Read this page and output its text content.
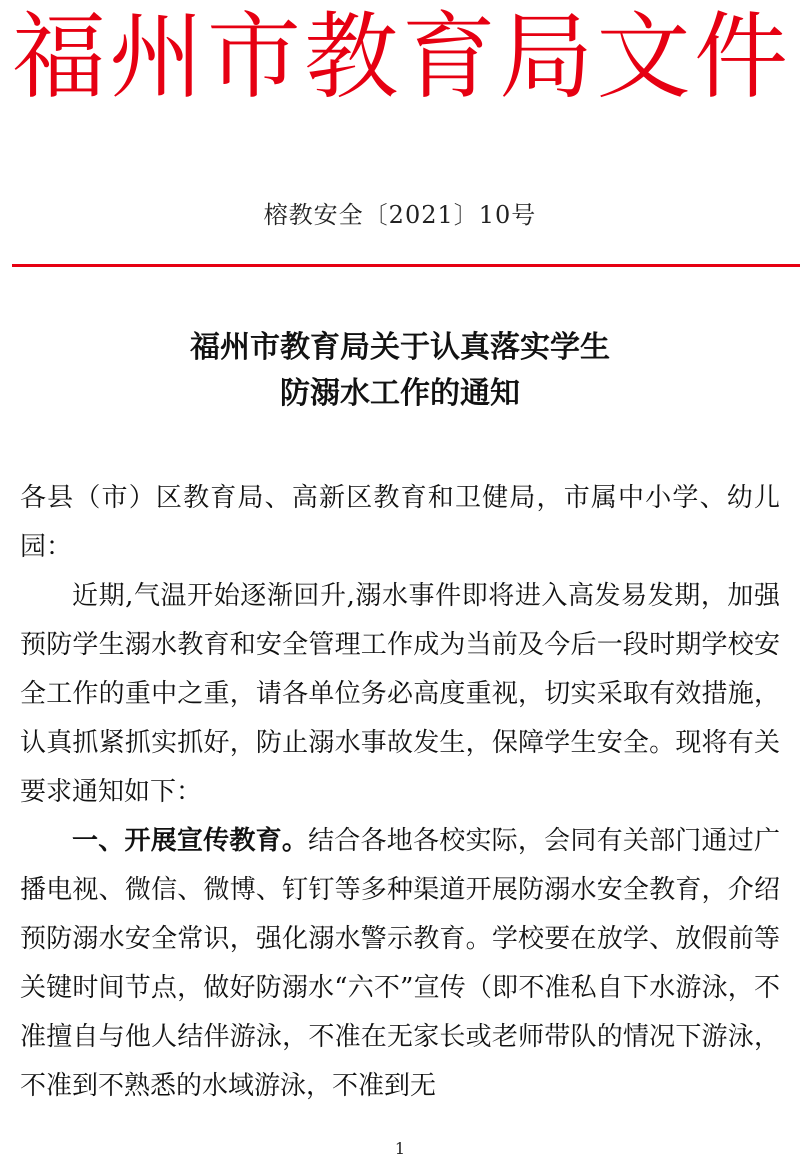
福州市教育局文件
榕教安全〔2021〕10号
福州市教育局关于认真落实学生
防溺水工作的通知

各县（市）区教育局、高新区教育和卫健局，市属中小学、幼儿园：

近期,气温开始逐渐回升,溺水事件即将进入高发易发期，加强预防学生溺水教育和安全管理工作成为当前及今后一段时期学校安全工作的重中之重，请各单位务必高度重视，切实采取有效措施，认真抓紧抓实抓好，防止溺水事故发生，保障学生安全。现将有关要求通知如下：

一、开展宣传教育。结合各地各校实际，会同有关部门通过广播电视、微信、微博、钉钉等多种渠道开展防溺水安全教育，介绍预防溺水安全常识，强化溺水警示教育。学校要在放学、放假前等关键时间节点，做好防溺水“六不”宣传（即不准私自下水游泳，不准擅自与他人结伴游泳，不准在无家长或老师带队的情况下游泳，不准到不熟悉的水域游泳，不准到无

1
